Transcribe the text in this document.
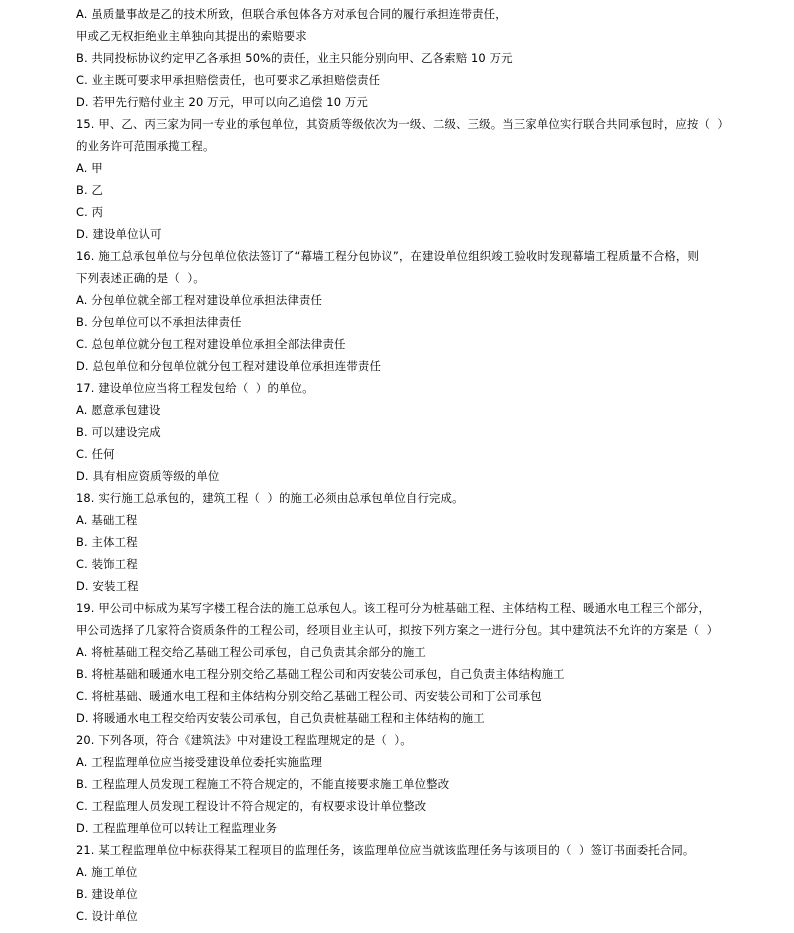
A. 虽质量事故是乙的技术所致，但联合承包体各方对承包合同的履行承担连带责任，
甲或乙无权拒绝业主单独向其提出的索赔要求
B. 共同投标协议约定甲乙各承担 50%的责任，业主只能分别向甲、乙各索赔 10 万元
C. 业主既可要求甲承担赔偿责任，也可要求乙承担赔偿责任
D. 若甲先行赔付业主 20 万元，甲可以向乙追偿 10 万元
15. 甲、乙、丙三家为同一专业的承包单位，其资质等级依次为一级、二级、三级。当三家单位实行联合共同承包时，应按（  ）
的业务许可范围承揽工程。
A. 甲
B. 乙
C. 丙
D. 建设单位认可
16. 施工总承包单位与分包单位依法签订了“幕墙工程分包协议”，在建设单位组织竣工验收时发现幕墙工程质量不合格，则
下列表述正确的是（  ）。
A. 分包单位就全部工程对建设单位承担法律责任
B. 分包单位可以不承担法律责任
C. 总包单位就分包工程对建设单位承担全部法律责任
D. 总包单位和分包单位就分包工程对建设单位承担连带责任
17. 建设单位应当将工程发包给（  ）的单位。
A. 愿意承包建设
B. 可以建设完成
C. 任何
D. 具有相应资质等级的单位
18. 实行施工总承包的，建筑工程（  ）的施工必须由总承包单位自行完成。
A. 基础工程
B. 主体工程
C. 装饰工程
D. 安装工程
19. 甲公司中标成为某写字楼工程合法的施工总承包人。该工程可分为桩基础工程、主体结构工程、暖通水电工程三个部分，
甲公司选择了几家符合资质条件的工程公司，经项目业主认可，拟按下列方案之一进行分包。其中建筑法不允许的方案是（  ）
A. 将桩基础工程交给乙基础工程公司承包，自己负责其余部分的施工
B. 将桩基础和暖通水电工程分别交给乙基础工程公司和丙安装公司承包，自己负责主体结构施工
C. 将桩基础、暖通水电工程和主体结构分别交给乙基础工程公司、丙安装公司和丁公司承包
D. 将暖通水电工程交给丙安装公司承包，自己负责桩基础工程和主体结构的施工
20. 下列各项，符合《建筑法》中对建设工程监理规定的是（  ）。
A. 工程监理单位应当接受建设单位委托实施监理
B. 工程监理人员发现工程施工不符合规定的，不能直接要求施工单位整改
C. 工程监理人员发现工程设计不符合规定的，有权要求设计单位整改
D. 工程监理单位可以转让工程监理业务
21. 某工程监理单位中标获得某工程项目的监理任务，该监理单位应当就该监理任务与该项目的（  ）签订书面委托合同。
A. 施工单位
B. 建设单位
C. 设计单位
